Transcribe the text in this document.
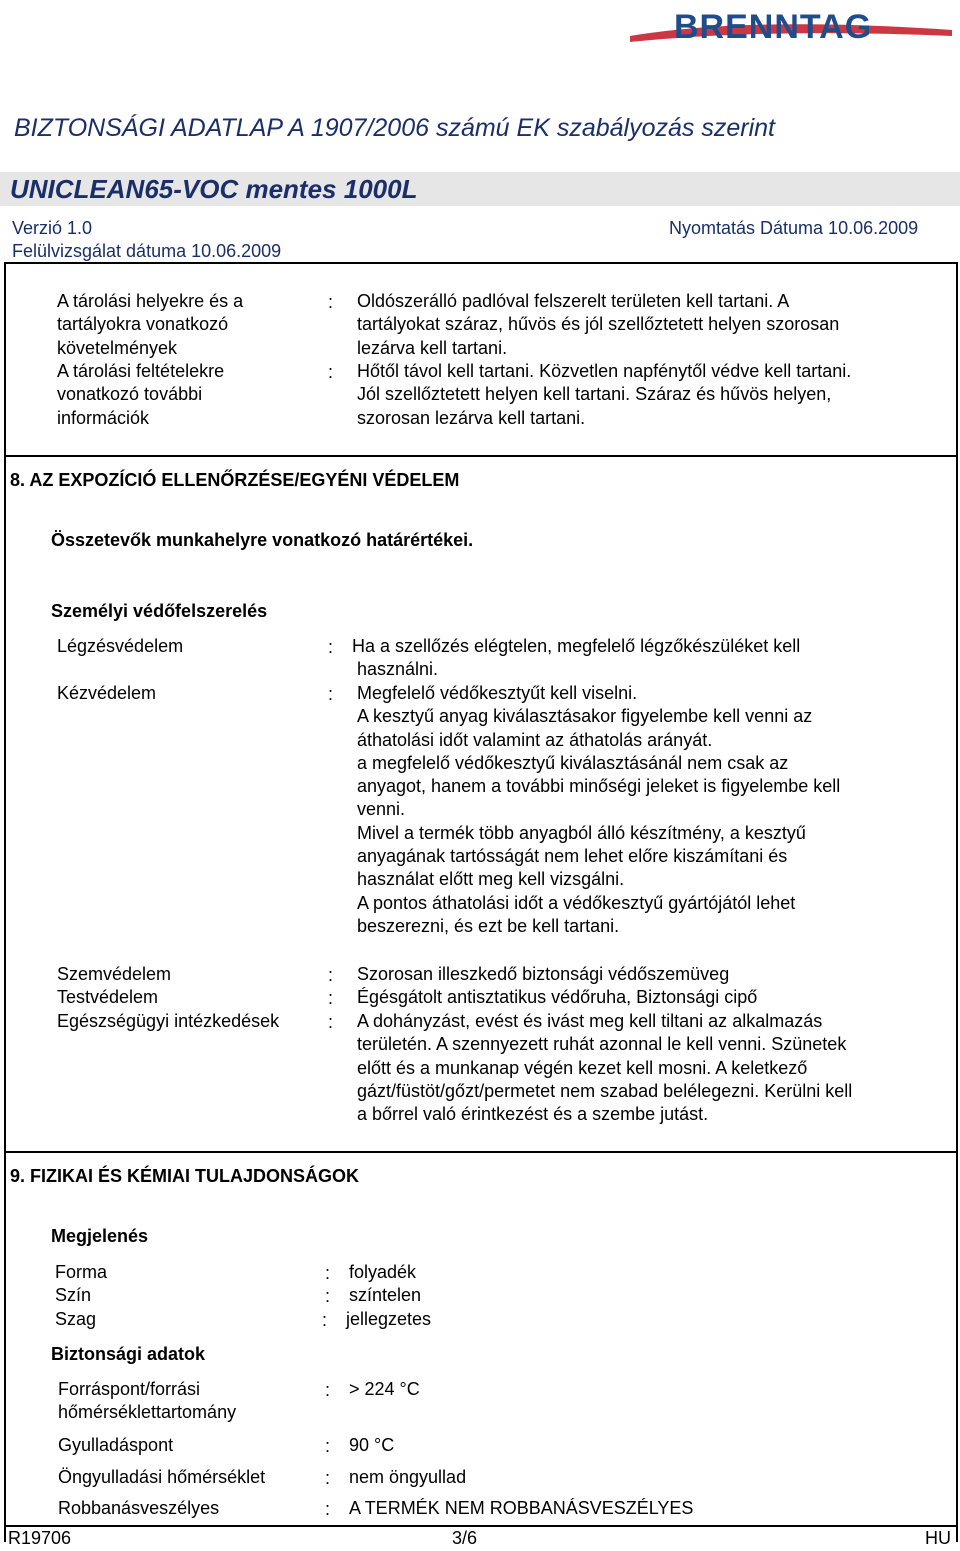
BRENNTAG
BIZTONSÁGI ADATLAP A 1907/2006 számú EK szabályozás szerint
UNICLEAN65-VOC mentes 1000L
Verzió 1.0	Nyomtatás Dátuma 10.06.2009
Felülvizsgálat dátuma 10.06.2009
A tárolási helyekre és a
tartályokra vonatkozó
követelmények
: Oldószerálló padlóval felszerelt területen kell tartani. A
tartályokat száraz, hűvös és jól szellőztetett helyen szorosan
lezárva kell tartani.
A tárolási feltételekre
vonatkozó további
információk
: Hőtől távol kell tartani. Közvetlen napfénytől védve kell tartani.
Jól szellőztetett helyen kell tartani. Száraz és hűvös helyen,
szorosan lezárva kell tartani.
8. AZ EXPOZÍCIÓ ELLENŐRZÉSE/EGYÉNI VÉDELEM
Összetevők munkahelyre vonatkozó határértékei.
Személyi védőfelszerelés
Légzésvédelem	: Ha a szellőzés elégtelen, megfelelő légzőkészüléket kell
használni.
Kézvédelem	: Megfelelő védőkesztyűt kell viselni.
A kesztyű anyag kiválasztásakor figyelembe kell venni az
áthatolási időt valamint az áthatolás arányát.
a megfelelő védőkesztyű kiválasztásánál nem csak az
anyagot, hanem a további minőségi jeleket is figyelembe kell
venni.
Mivel a termék több anyagból álló készítmény, a kesztyű
anyagának tartósságát nem lehet előre kiszámítani és
használat előtt meg kell vizsgálni.
A pontos áthatolási időt a védőkesztyű gyártójától lehet
beszerezni, és ezt be kell tartani.
Szemvédelem	: Szorosan illeszkedő biztonsági védőszemüveg
Testvédelem	: Égésgátolt antisztatikus védőruha, Biztonsági cipő
Egészségügyi intézkedések	: A dohányzást, evést és ivást meg kell tiltani az alkalmazás
területén. A szennyezett ruhát azonnal le kell venni. Szünetek
előtt és a munkanap végén kezet kell mosni. A keletkező
gázt/füstöt/gőzt/permetet nem szabad belélegezni. Kerülni kell
a bőrrel való érintkezést és a szembe jutást.
9. FIZIKAI ÉS KÉMIAI TULAJDONSÁGOK
Megjelenés
Forma	: folyadék
Szín	: színtelen
Szag	: jellegzetes
Biztonsági adatok
Forráspont/forrási
hőmérséklettartomány
: > 224 °C
Gyulladáspont	: 90 °C
Öngyulladási hőmérséklet	: nem öngyullad
Robbanásveszélyes	: A TERMÉK NEM ROBBANÁSVESZÉLYES
R19706	3/6	HU
